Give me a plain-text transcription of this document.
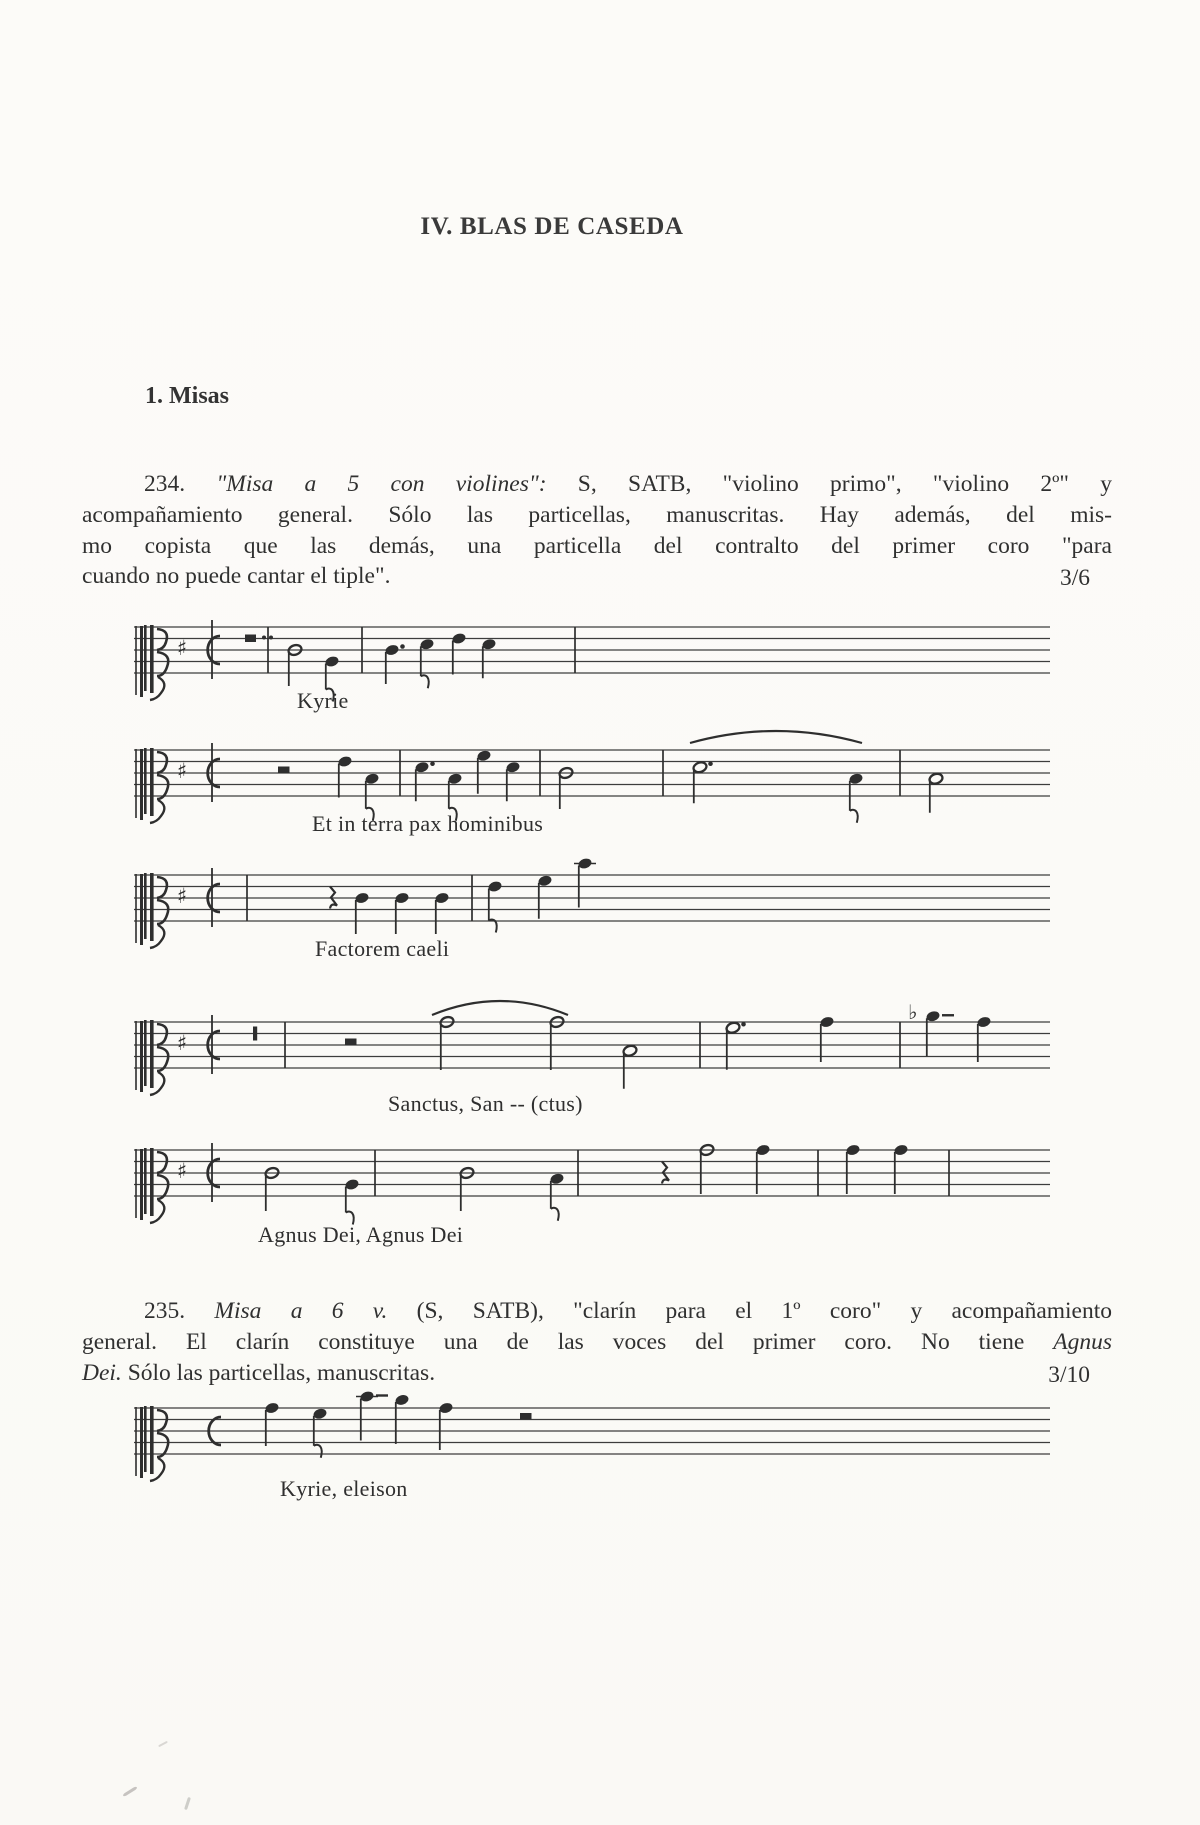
IV. BLAS DE CASEDA
1. Misas
234. "Misa a 5 con violines": S, SATB, "violino primo", "violino 2º" y
acompañamiento general. Sólo las particellas, manuscritas. Hay además, del mis-
mo copista que las demás, una particella del contralto del primer coro "para
cuando no puede cantar el tiple".	3/6
♯
♯
♯
♯
♭
♯
235. Misa a 6 v. (S, SATB), "clarín para el 1º coro" y acompañamiento
general. El clarín constituye una de las voces del primer coro. No tiene Agnus
Dei. Sólo las particellas, manuscritas.	3/10
Kyrie
Et in terra pax hominibus
Factorem caeli
Sanctus, San -- (ctus)
Agnus Dei, Agnus Dei
Kyrie, eleison
